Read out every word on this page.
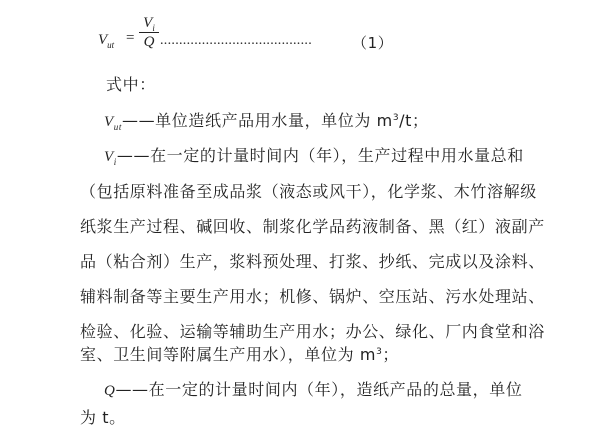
$V_{ut}$ =
$V_i$
Q ........................................	（1）
式中：
$V_{ut}——$单位造纸产品用水量，单位为 $m^3/t$；
$V_i——$在一定的计量时间内（年），生产过程中用水量总和
（包括原料准备至成品浆（液态或风干），化学浆、木竹溶解级
纸浆生产过程、碱回收、制浆化学品药液制备、黑（红）液副产
品（粘合剂）生产，浆料预处理、打浆、抄纸、完成以及涂料、
辅料制备等主要生产用水；机修、锅炉、空压站、污水处理站、
检验、化验、运输等辅助生产用水；办公、绿化、厂内食堂和浴
室、卫生间等附属生产用水），单位为 $m^3$；
Q——在一定的计量时间内（年），造纸产品的总量，单位
为 t。
